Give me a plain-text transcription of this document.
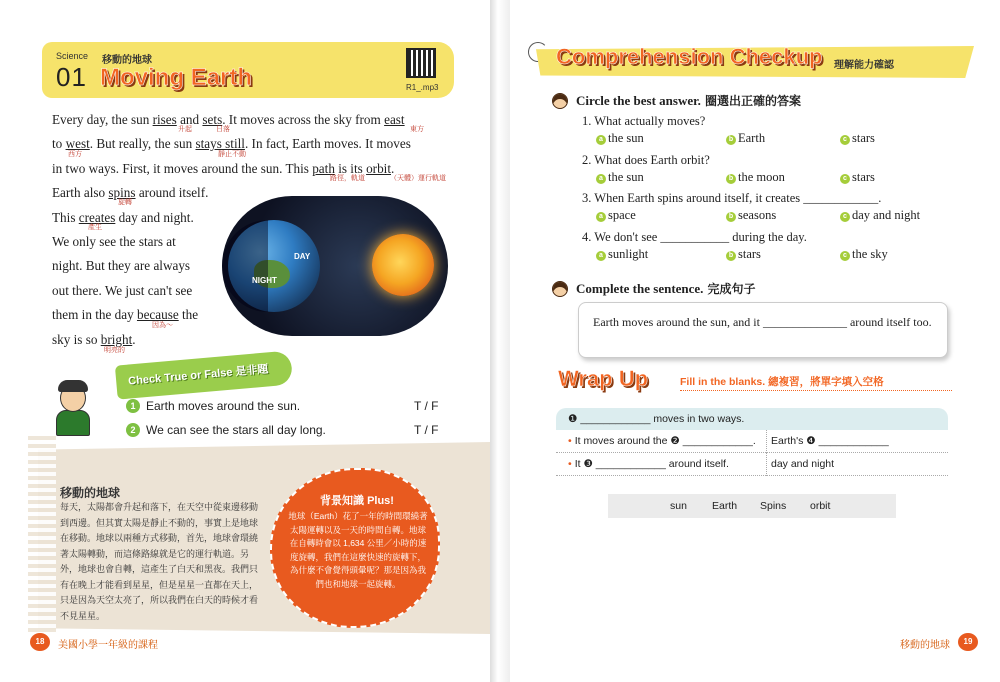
Science
01
移動的地球
Moving Earth	R1_.mp3

Every day, the sun rises and sets. It moves across the sky from east

to west. But really, the sun stays still. In fact, Earth moves. It moves

in two ways. First, it moves around the sun. This path is its orbit.

Earth also spins around itself.

This creates day and night.

We only see the stars at

night. But they are always

out there. We just can't see

them in the day because the

sky is so bright.

升起	日落	東方
西方	靜止不動
路徑，軌道	（天體）運行軌道
旋轉
產生
因為～
明亮的
DAY
NIGHT
Check True or False 是非題
1 Earth moves around the sun.	T / F
2 We can see the stars all day long.	T / F
移動的地球
每天，太陽都會升起和落下，在天空中從東邊移動到西邊。但其實太陽是靜止不動的，事實上是地球在移動。地球以兩種方式移動，首先，地球會環繞著太陽轉動，而這條路線就是它的運行軌道。另外，地球也會自轉，這產生了白天和黑夜。我們只有在晚上才能看到星星，但是星星一直都在天上，只是因為天空太亮了，所以我們在白天的時候才看不見星星。
背景知識 Plus!
地球（Earth）花了一年的時間環繞著太陽運轉以及一天的時間自轉。地球在自轉時會以 1,634 公里／小時的速度旋轉，我們在這麼快速的旋轉下，為什麼不會覺得頭暈呢？那是因為我們也和地球一起旋轉。
18	美國小學一年級的課程
Comprehension Checkup 理解能力確認
Circle the best answer. 圈選出正確的答案
1. What actually moves?
a the sun	b Earth	c stars
2. What does Earth orbit?
a the sun	b the moon	c stars
3. When Earth spins around itself, it creates ____________.
a space	b seasons	c day and night
4. We don't see ___________ during the day.
a sunlight	b stars	c the sky
Complete the sentence. 完成句子
Earth moves around the sun, and it ______________ around itself too.
Wrap Up	Fill in the blanks. 總複習，將單字填入空格
❶ ____________ moves in two ways.
• It moves around the ❷ ____________.	Earth's ❹ ____________
• It ❸ ____________ around itself.	day and night
sun Earth Spins orbit
移動的地球	19
